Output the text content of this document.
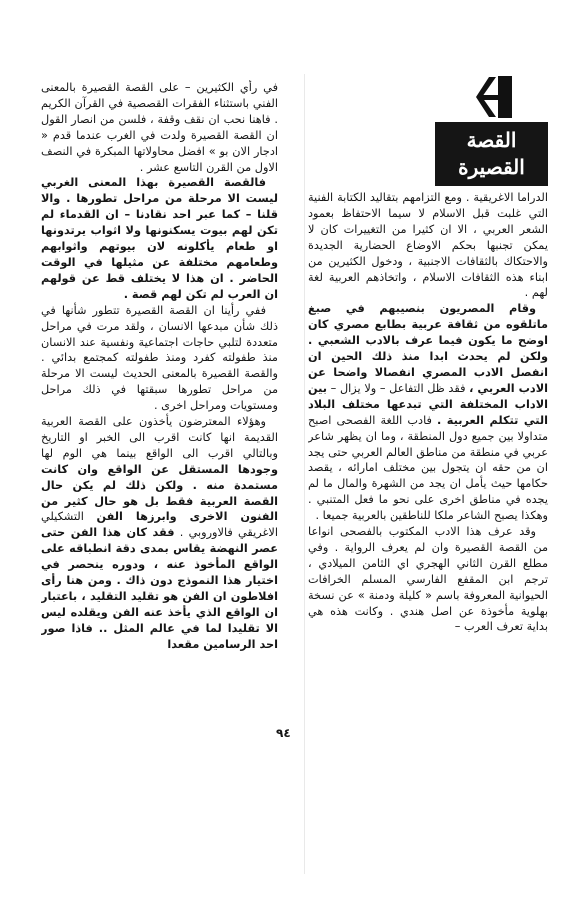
القصة
القصيرة

الدراما الاغريقية . ومع التزامهم بتقاليد الكتابة الفنية التي غلبت قبل الاسلام لا سيما الاحتفاظ بعمود الشعر العربي ، الا ان كثيرا من التغييرات كان لا يمكن تجنبها بحكم الاوضاع الحضارية الجديدة والاحتكاك بالثقافات الاجنبية ، ودخول الكثيرين من ابناء هذه الثقافات الاسلام ، واتخاذهم العربية لغة لهم .

وقام المصريون بنصيبهم في صبغ ماتلقوه من ثقافة عربية بطابع مصري كان اوضح ما يكون فيما عرف بالادب الشعبي . ولكن لم يحدث ابدا منذ ذلك الحين ان انفصل الادب المصري انفصالا واضحا عن الادب العربي ، فقد ظل التفاعل – ولا يزال – بين الاداب المختلفة التي تبدعها مختلف البلاد التي تتكلم العربية . فادب اللغة الفصحى اصبح متداولا بين جميع دول المنطقة ، وما ان يظهر شاعر عربي في منطقة من مناطق العالم العربي حتى يجد ان من حقه ان يتجول بين مختلف امارائه ، يقصد حكامها حيث يأمل ان يجد من الشهرة والمال ما لم يجده في مناطق اخرى على نحو ما فعل المتنبي . وهكذا يصبح الشاعر ملكا للناطقين بالعربية جميعا .

وقد عرف هذا الادب المكتوب بالفصحى انواعا من القصة القصيرة وان لم يعرف الرواية . وفي مطلع القرن الثاني الهجري اي الثامن الميلادي ، ترجم ابن المقفع الفارسي المسلم الخرافات الحيوانية المعروفة باسم « كليلة ودمنة » عن نسخة بهلوية مأخوذة عن اصل هندي . وكانت هذه هي بداية تعرف العرب –

في رأي الكثيرين – على القصة القصيرة بالمعنى الفني باستثناء الفقرات القصصية في القرآن الكريم . فاهنا نحب ان نقف وقفة ، فلسن من انصار القول ان القصة القصيرة ولدت في الغرب عندما قدم « ادجار الان بو » افضل محاولاتها المبكرة في النصف الاول من القرن التاسع عشر .

فالقصة القصيرة بهذا المعنى الغربي ليست الا مرحلة من مراحل تطورها . والا قلنا – كما عبر احد نقادنا – ان القدماء لم تكن لهم بيوت يسكنونها ولا اثواب يرتدونها او طعام يأكلونه لان بيوتهم واثوابهم وطعامهم مختلفة عن مثيلها في الوقت الحاضر . ان هذا لا يختلف قط عن قولهم ان العرب لم تكن لهم قصة .

ففي رأينا ان القصة القصيرة تتطور شأنها في ذلك شأن مبدعها الانسان ، ولقد مرت في مراحل متعددة لتلبي حاجات اجتماعية ونفسية عند الانسان منذ طفولته كفرد ومنذ طفولته كمجتمع بدائي . والقصة القصيرة بالمعنى الحديث ليست الا مرحلة من مراحل تطورها سبقتها في ذلك مراحل ومستويات ومراحل اخرى .

وهؤلاء المعترضون يأخذون على القصة العربية القديمة انها كانت اقرب الى الخبر او التاريخ وبالتالي اقرب الى الواقع بينما هي الوم لها وجودها المستقل عن الواقع وان كانت مستمدة منه . ولكن ذلك لم يكن حال القصة العربية فقط بل هو حال كثير من الفنون الاخرى وابرزها الفن التشكيلي الاغريقي فالاوروبي . فقد كان هذا الفن حتى عصر النهضة يقاس بمدى دقة انطباقه على الواقع المأخوذ عنه ، ودوره ينحصر في اختيار هذا النموذج دون ذاك . ومن هنا رأى افلاطون ان الفن هو تقليد التقليد ، باعتبار ان الواقع الذي يأخذ عنه الفن ويقلده ليس الا تقليدا لما في عالم المثل .. فاذا صور احد الرسامين مقعدا

٩٤
